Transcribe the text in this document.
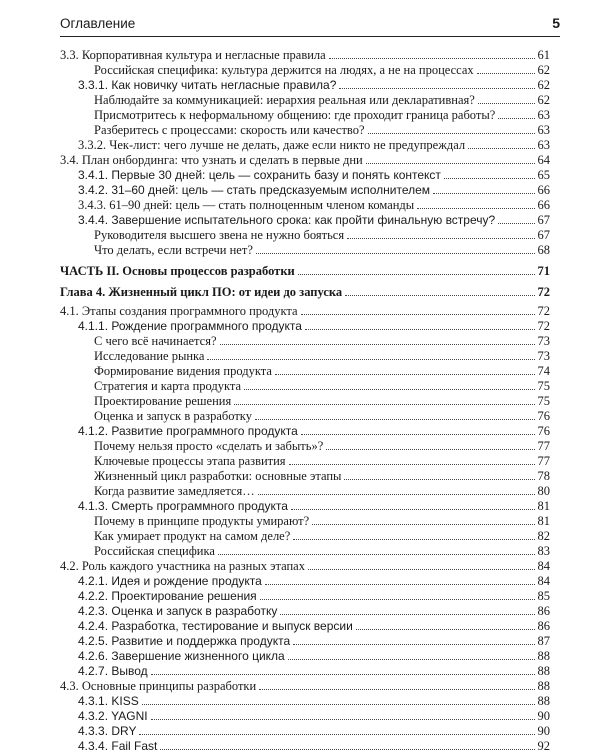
Оглавление	5
3.3. Корпоративная культура и негласные правила	61
Российская специфика: культура держится на людях, а не на процессах	62
3.3.1. Как новичку читать негласные правила?	62
Наблюдайте за коммуникацией: иерархия реальная или декларативная?	62
Присмотритесь к неформальному общению: где проходит граница работы?	63
Разберитесь с процессами: скорость или качество?	63
3.3.2. Чек-лист: чего лучше не делать, даже если никто не предупреждал	63
3.4. План онбординга: что узнать и сделать в первые дни	64
3.4.1. Первые 30 дней: цель — сохранить базу и понять контекст	65
3.4.2. 31–60 дней: цель — стать предсказуемым исполнителем	66
3.4.3. 61–90 дней: цель — стать полноценным членом команды	66
3.4.4. Завершение испытательного срока: как пройти финальную встречу?	67
Руководителя высшего звена не нужно бояться	67
Что делать, если встречи нет?	68
ЧАСТЬ II. Основы процессов разработки	71
Глава 4. Жизненный цикл ПО: от идеи до запуска	72
4.1. Этапы создания программного продукта	72
4.1.1. Рождение программного продукта	72
С чего всё начинается?	73
Исследование рынка	73
Формирование видения продукта	74
Стратегия и карта продукта	75
Проектирование решения	75
Оценка и запуск в разработку	76
4.1.2. Развитие программного продукта	76
Почему нельзя просто «сделать и забыть»?	77
Ключевые процессы этапа развития	77
Жизненный цикл разработки: основные этапы	78
Когда развитие замедляется…	80
4.1.3. Смерть программного продукта	81
Почему в принципе продукты умирают?	81
Как умирает продукт на самом деле?	82
Российская специфика	83
4.2. Роль каждого участника на разных этапах	84
4.2.1. Идея и рождение продукта	84
4.2.2. Проектирование решения	85
4.2.3. Оценка и запуск в разработку	86
4.2.4. Разработка, тестирование и выпуск версии	86
4.2.5. Развитие и поддержка продукта	87
4.2.6. Завершение жизненного цикла	88
4.2.7. Вывод	88
4.3. Основные принципы разработки	88
4.3.1. KISS	88
4.3.2. YAGNI	90
4.3.3. DRY	90
4.3.4. Fail Fast	92
